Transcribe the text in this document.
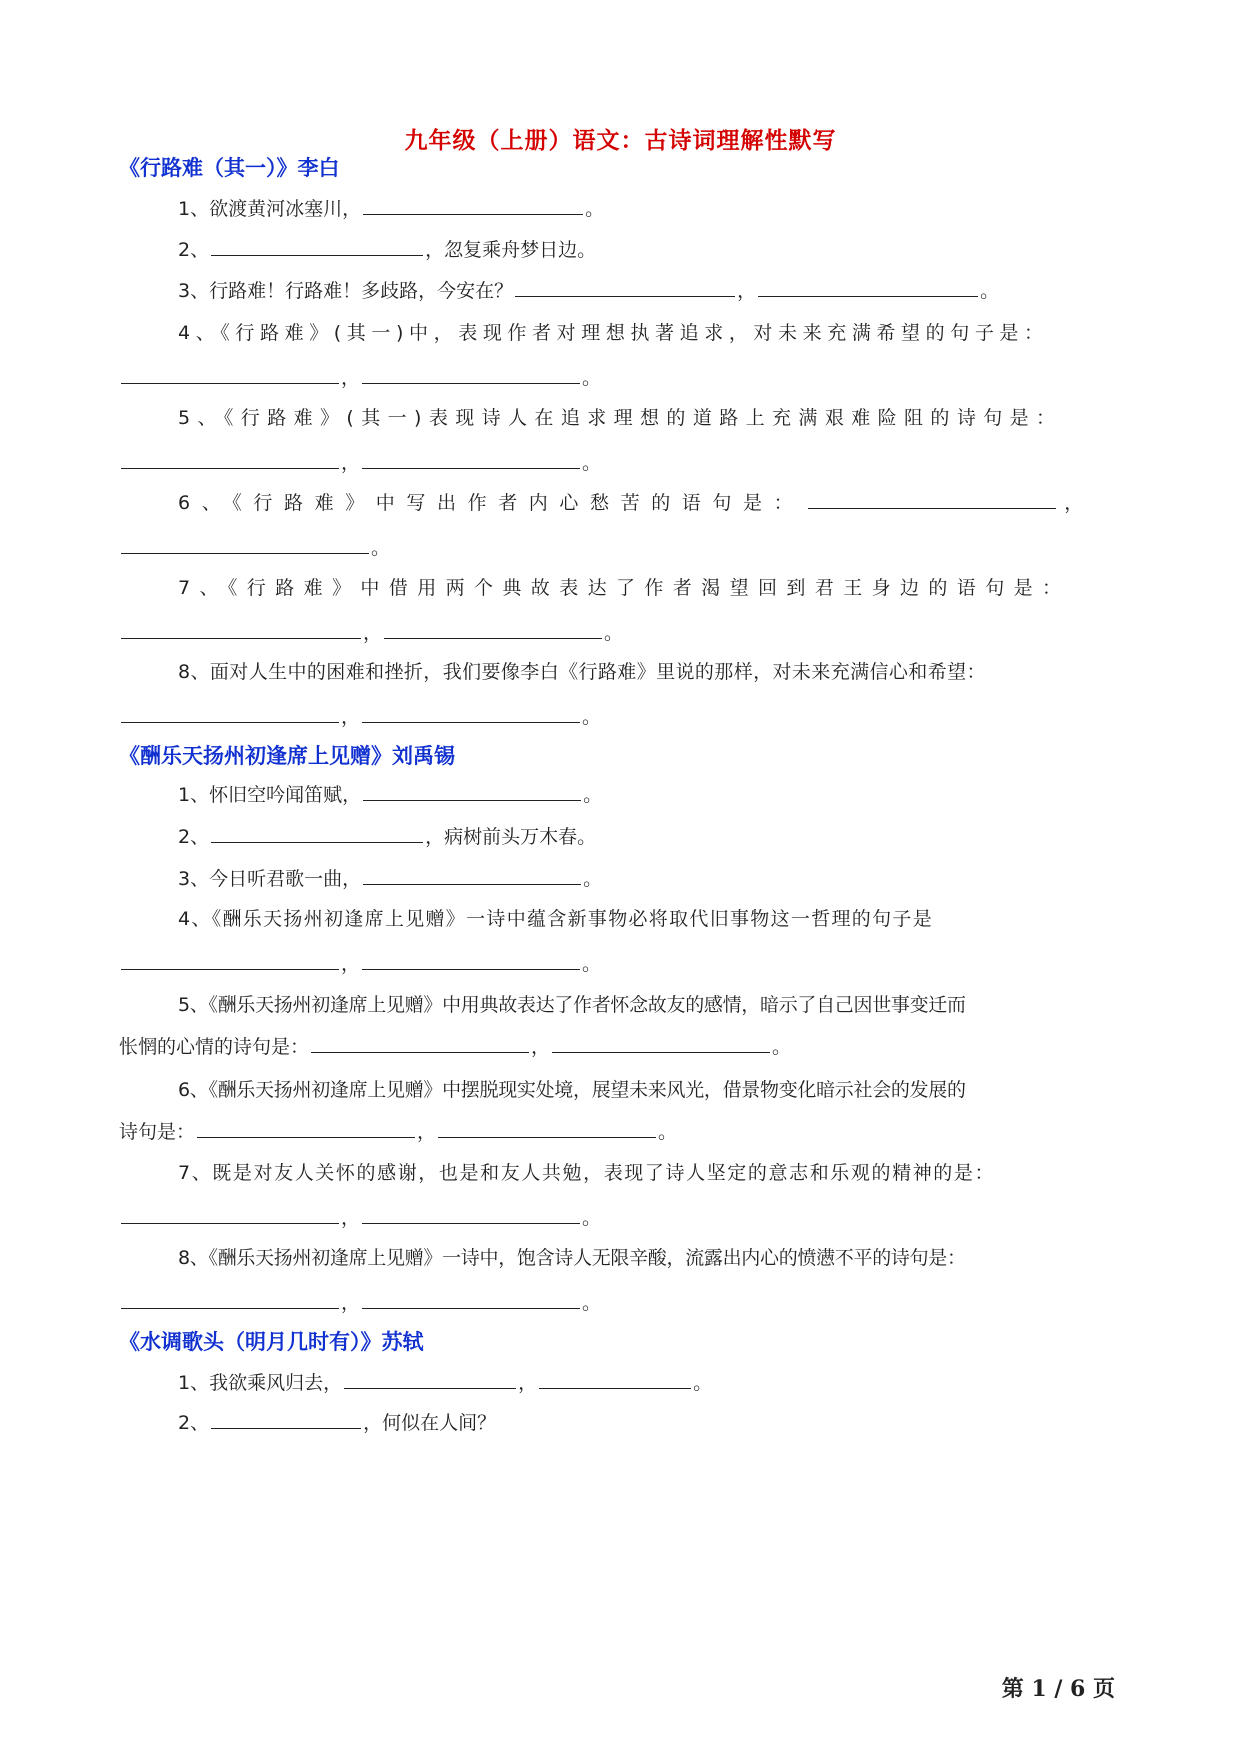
九年级（上册）语文：古诗词理解性默写
《行路难（其一）》李白
1、欲渡黄河冰塞川，	。
2、	，忽复乘舟梦日边。
3、行路难！行路难！多歧路，今安在？	，	。
4、《行路难》(其一)中，表现作者对理想执著追求，对未来充满希望的句子是：
，	。
5、《行路难》(其一)表现诗人在追求理想的道路上充满艰难险阻的诗句是：
，	。
6、《行路难》中写出作者内心愁苦的语句是：	，
。
7、《行路难》中借用两个典故表达了作者渴望回到君王身边的语句是：
，	。
8、面对人生中的困难和挫折，我们要像李白《行路难》里说的那样，对未来充满信心和希望：
，	。
《酬乐天扬州初逢席上见赠》刘禹锡
1、怀旧空吟闻笛赋，	。
2、	，病树前头万木春。
3、今日听君歌一曲，	。
4、《酬乐天扬州初逢席上见赠》一诗中蕴含新事物必将取代旧事物这一哲理的句子是
，	。
5、《酬乐天扬州初逢席上见赠》中用典故表达了作者怀念故友的感情，暗示了自己因世事变迁而
怅惘的心情的诗句是：	，	。
6、《酬乐天扬州初逢席上见赠》中摆脱现实处境，展望未来风光，借景物变化暗示社会的发展的
诗句是：	，	。
7、既是对友人关怀的感谢，也是和友人共勉，表现了诗人坚定的意志和乐观的精神的是：
，	。
8、《酬乐天扬州初逢席上见赠》一诗中，饱含诗人无限辛酸，流露出内心的愤懑不平的诗句是：
，	。
《水调歌头（明月几时有）》苏轼
1、我欲乘风归去，	，	。
2、	，何似在人间？
第 1 / 6 页
